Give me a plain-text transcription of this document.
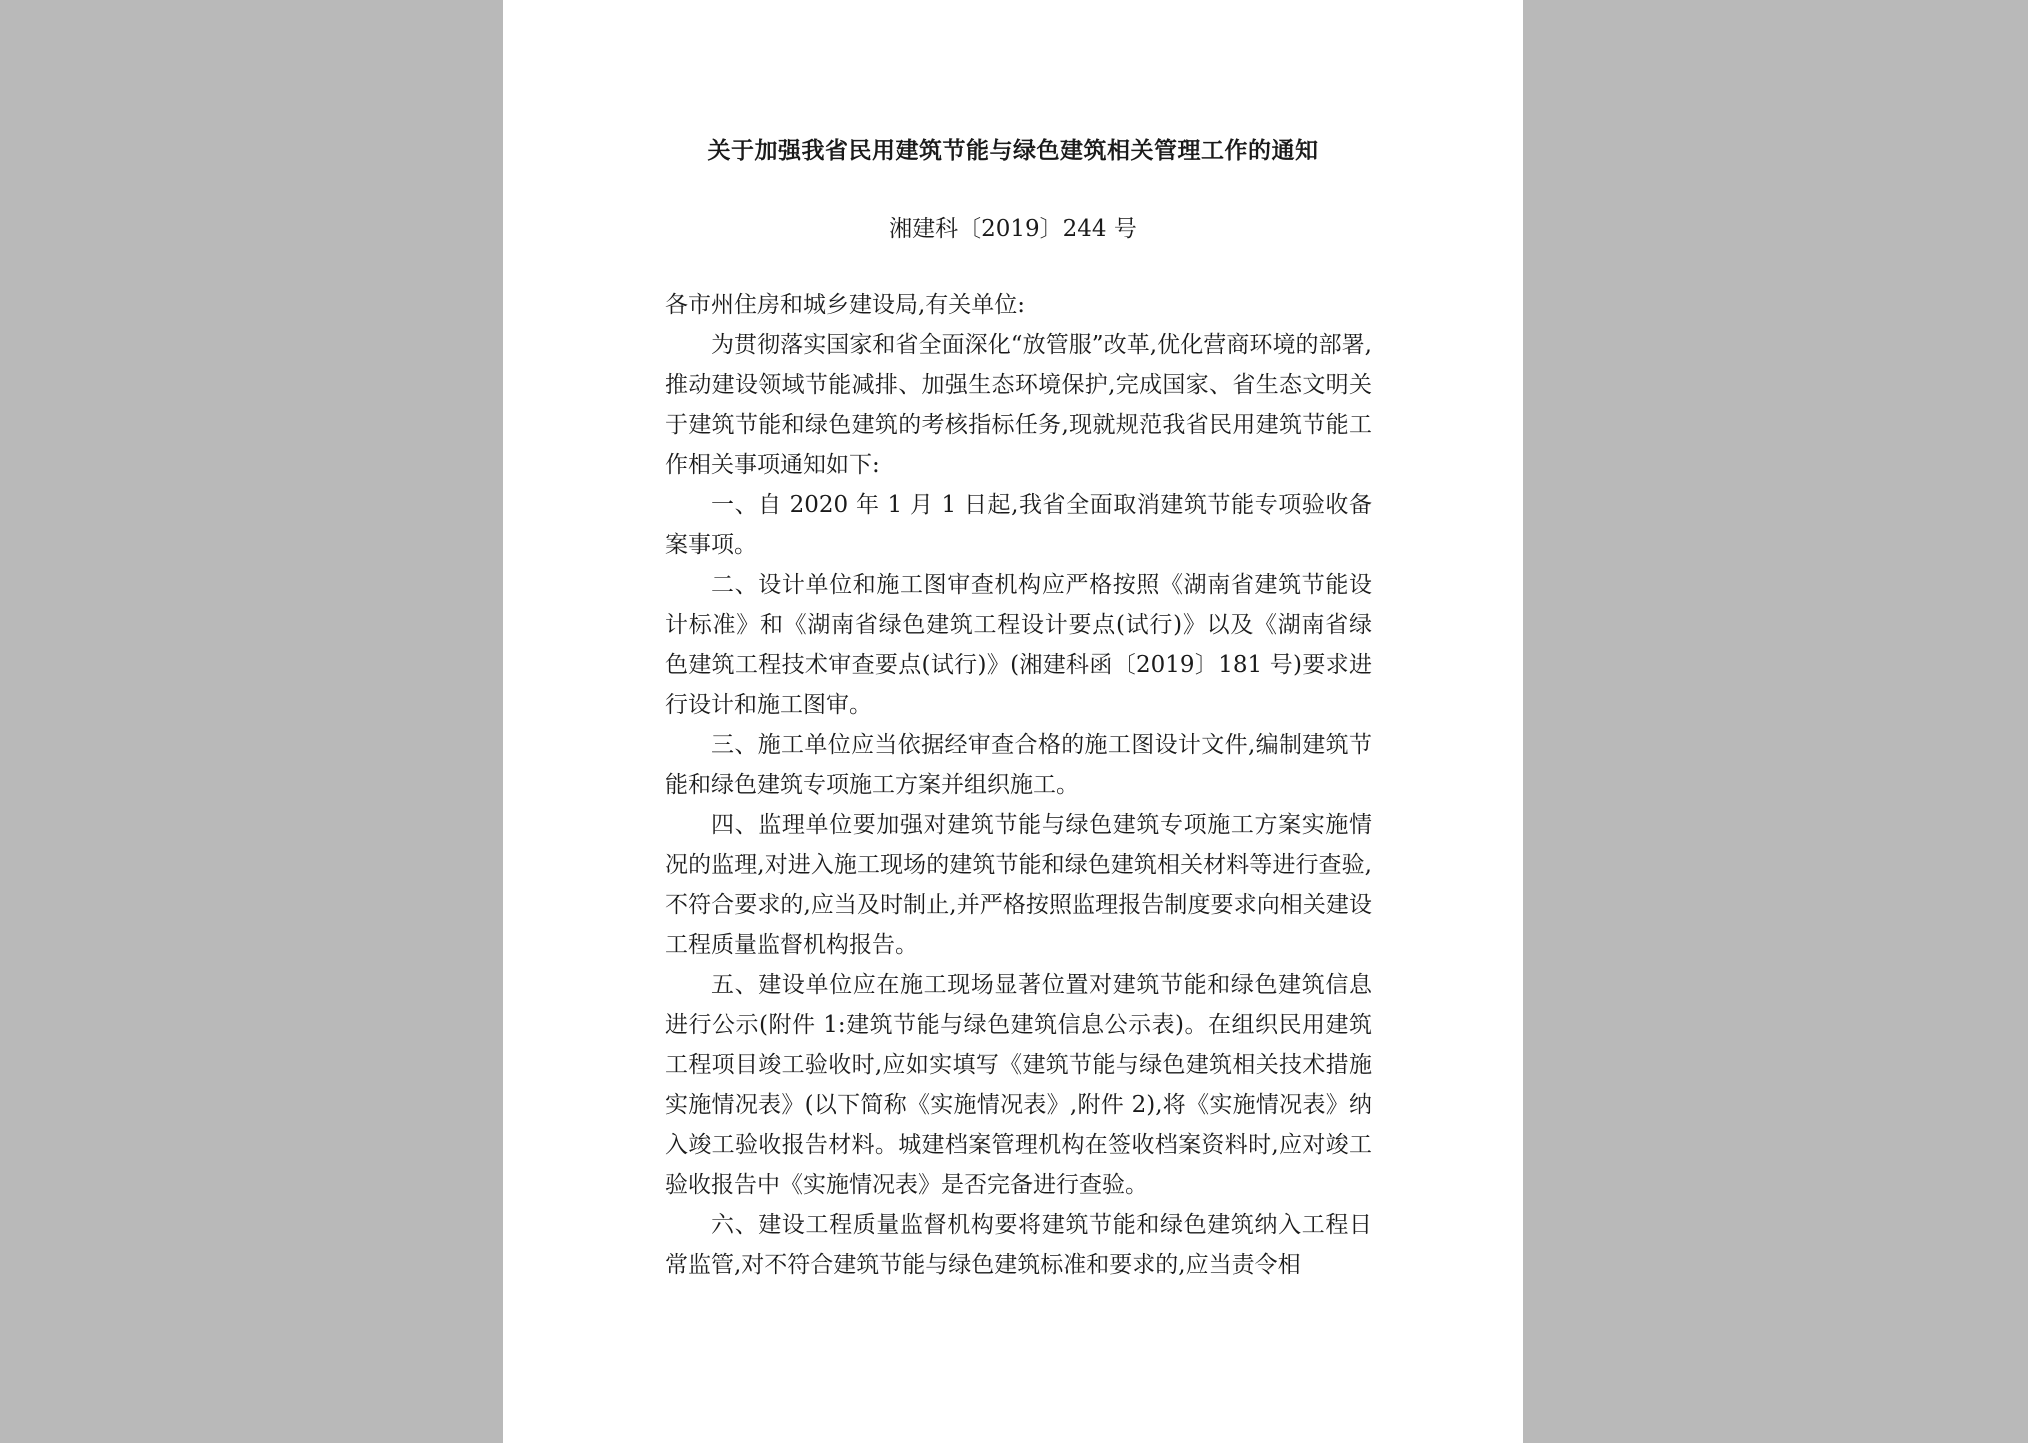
关于加强我省民用建筑节能与绿色建筑相关管理工作的通知
湘建科〔2019〕244 号

各市州住房和城乡建设局,有关单位:

为贯彻落实国家和省全面深化“放管服”改革,优化营商环境的部署,推动建设领域节能减排、加强生态环境保护,完成国家、省生态文明关于建筑节能和绿色建筑的考核指标任务,现就规范我省民用建筑节能工作相关事项通知如下:

一、自 2020 年 1 月 1 日起,我省全面取消建筑节能专项验收备案事项。

二、设计单位和施工图审查机构应严格按照《湖南省建筑节能设计标准》和《湖南省绿色建筑工程设计要点(试行)》以及《湖南省绿色建筑工程技术审查要点(试行)》(湘建科函〔2019〕181 号)要求进行设计和施工图审。

三、施工单位应当依据经审查合格的施工图设计文件,编制建筑节能和绿色建筑专项施工方案并组织施工。

四、监理单位要加强对建筑节能与绿色建筑专项施工方案实施情况的监理,对进入施工现场的建筑节能和绿色建筑相关材料等进行查验,不符合要求的,应当及时制止,并严格按照监理报告制度要求向相关建设工程质量监督机构报告。

五、建设单位应在施工现场显著位置对建筑节能和绿色建筑信息进行公示(附件 1:建筑节能与绿色建筑信息公示表)。在组织民用建筑工程项目竣工验收时,应如实填写《建筑节能与绿色建筑相关技术措施实施情况表》(以下简称《实施情况表》,附件 2),将《实施情况表》纳入竣工验收报告材料。城建档案管理机构在签收档案资料时,应对竣工验收报告中《实施情况表》是否完备进行查验。

六、建设工程质量监督机构要将建筑节能和绿色建筑纳入工程日常监管,对不符合建筑节能与绿色建筑标准和要求的,应当责令相
